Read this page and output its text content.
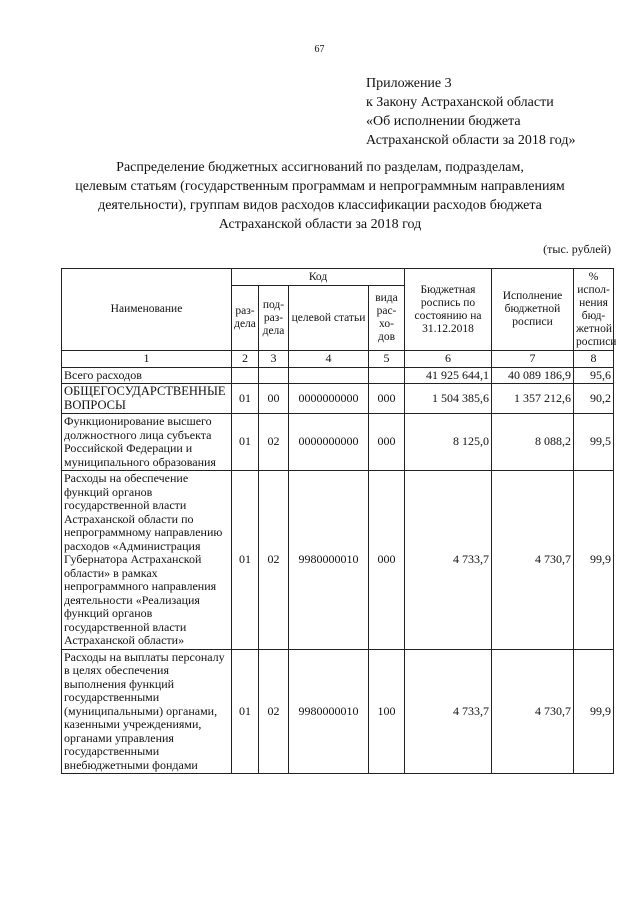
67
Приложение 3
к Закону Астраханской области
«Об исполнении бюджета
Астраханской области за 2018 год»
Распределение бюджетных ассигнований по разделам, подразделам,
целевым статьям (государственным программам и непрограммным направлениям
деятельности), группам видов расходов классификации расходов бюджета
Астраханской области за 2018 год
(тыс. рублей)
Наименование	Код				Бюджетная роспись по состоянию на 31.12.2018	Исполнение бюджетной росписи	% испол-нения бюд-жетной росписи
	раз-дела	под-раз-дела	целевой статьи	вида рас-хо-дов			
1	2	3	4	5	6	7	8
Всего расходов					41 925 644,1	40 089 186,9	95,6
ОБЩЕГОСУДАРСТВЕННЫЕ ВОПРОСЫ	01	00	0000000000	000	1 504 385,6	1 357 212,6	90,2
Функционирование высшего должностного лица субъекта Российской Федерации и муниципального образования	01	02	0000000000	000	8 125,0	8 088,2	99,5
Расходы на обеспечение функций органов государственной власти Астраханской области по непрограммному направлению расходов «Администрация Губернатора Астраханской области» в рамках непрограммного направления деятельности «Реализация функций органов государственной власти Астраханской области»	01	02	9980000010	000	4 733,7	4 730,7	99,9
Расходы на выплаты персоналу в целях обеспечения выполнения функций государственными (муниципальными) органами, казенными учреждениями, органами управления государственными внебюджетными фондами	01	02	9980000010	100	4 733,7	4 730,7	99,9
